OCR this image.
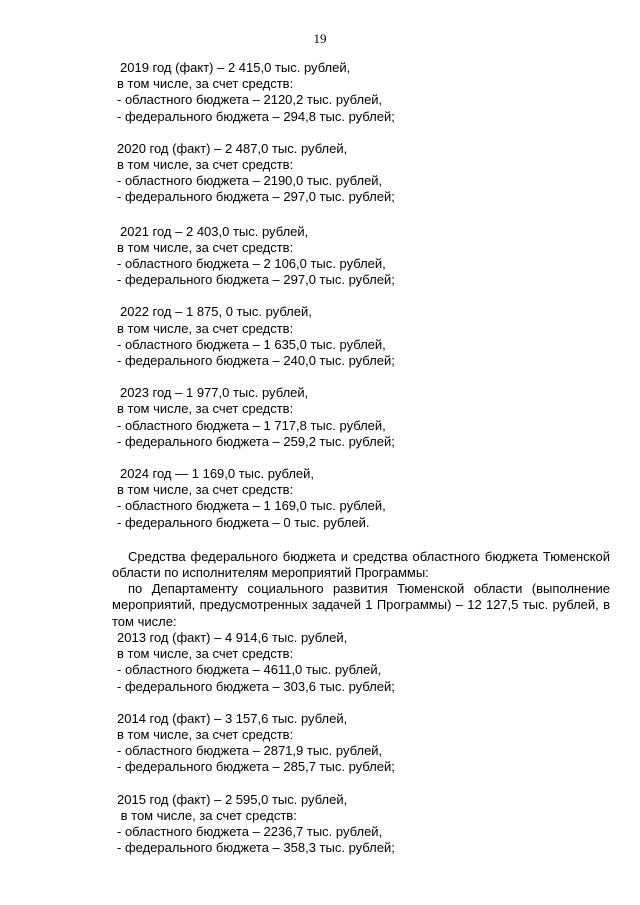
19
2019 год (факт) – 2 415,0 тыс. рублей,
в том числе, за счет средств:
- областного бюджета – 2120,2 тыс. рублей,
- федерального бюджета – 294,8 тыс. рублей;
2020 год (факт) – 2 487,0 тыс. рублей,
в том числе, за счет средств:
- областного бюджета – 2190,0 тыс. рублей,
- федерального бюджета – 297,0 тыс. рублей;
2021 год – 2 403,0 тыс. рублей,
в том числе, за счет средств:
- областного бюджета – 2 106,0 тыс. рублей,
- федерального бюджета – 297,0 тыс. рублей;
2022 год – 1 875, 0 тыс. рублей,
в том числе, за счет средств:
- областного бюджета – 1 635,0 тыс. рублей,
- федерального бюджета – 240,0 тыс. рублей;
2023 год – 1 977,0 тыс. рублей,
в том числе, за счет средств:
- областного бюджета – 1 717,8 тыс. рублей,
- федерального бюджета – 259,2 тыс. рублей;
2024 год — 1 169,0 тыс. рублей,
в том числе, за счет средств:
- областного бюджета – 1 169,0 тыс. рублей,
- федерального бюджета – 0 тыс. рублей.
Средства федерального бюджета и средства областного бюджета Тюменской области по исполнителям мероприятий Программы:
по Департаменту социального развития Тюменской области (выполнение мероприятий, предусмотренных задачей 1 Программы) – 12 127,5 тыс. рублей, в том числе:
2013 год (факт) – 4 914,6 тыс. рублей,
в том числе, за счет средств:
- областного бюджета – 4611,0 тыс. рублей,
- федерального бюджета – 303,6 тыс. рублей;
2014 год (факт) – 3 157,6 тыс. рублей,
в том числе, за счет средств:
- областного бюджета – 2871,9 тыс. рублей,
- федерального бюджета – 285,7 тыс. рублей;
2015 год (факт) – 2 595,0 тыс. рублей,
в том числе, за счет средств:
- областного бюджета – 2236,7 тыс. рублей,
- федерального бюджета – 358,3 тыс. рублей;
